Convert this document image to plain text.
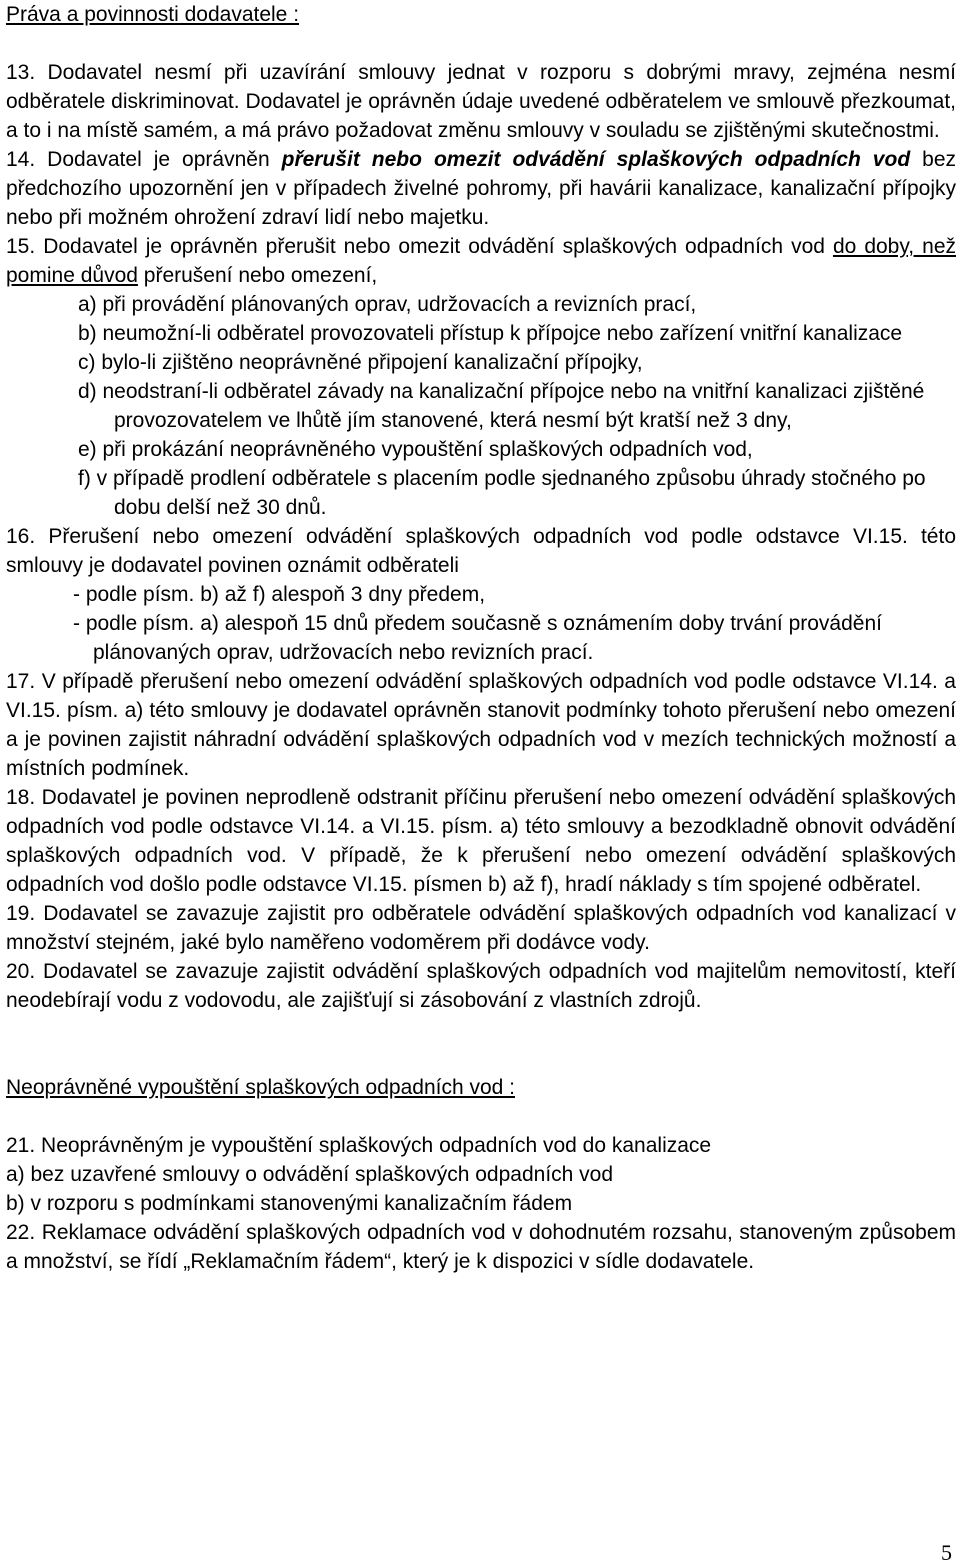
Práva a povinnosti dodavatele :

13. Dodavatel nesmí při uzavírání smlouvy jednat v rozporu s dobrými mravy, zejména nesmí odběratele diskriminovat. Dodavatel je oprávněn údaje uvedené odběratelem ve smlouvě přezkoumat, a to i na místě samém, a má právo požadovat změnu smlouvy v souladu se zjištěnými skutečnostmi.

14. Dodavatel je oprávněn přerušit nebo omezit odvádění splaškových odpadních vod bez předchozího upozornění jen v případech živelné pohromy, při havárii kanalizace, kanalizační přípojky nebo při možném ohrožení zdraví lidí nebo majetku.

15. Dodavatel je oprávněn přerušit nebo omezit odvádění splaškových odpadních vod do doby, než pomine důvod přerušení nebo omezení,

a) při provádění plánovaných oprav, udržovacích a revizních prací,

b) neumožní-li odběratel provozovateli přístup k přípojce nebo zařízení vnitřní kanalizace

c) bylo-li zjištěno neoprávněné připojení kanalizační přípojky,

d) neodstraní-li odběratel závady na kanalizační přípojce nebo na vnitřní kanalizaci zjištěné provozovatelem ve lhůtě jím stanovené, která nesmí být kratší než 3 dny,

e) při prokázání neoprávněného vypouštění splaškových odpadních vod,

f) v případě prodlení odběratele s placením podle sjednaného způsobu úhrady stočného po dobu delší než 30 dnů.

16. Přerušení nebo omezení odvádění splaškových odpadních vod podle odstavce VI.15. této smlouvy je dodavatel povinen oznámit odběrateli

- podle písm. b) až f) alespoň 3 dny předem,

- podle písm. a) alespoň 15 dnů předem současně s oznámením doby trvání provádění plánovaných oprav, udržovacích nebo revizních prací.

17. V případě přerušení nebo omezení odvádění splaškových odpadních vod podle odstavce VI.14. a VI.15. písm. a) této smlouvy je dodavatel oprávněn stanovit podmínky tohoto přerušení nebo omezení a je povinen zajistit náhradní odvádění splaškových odpadních vod v mezích technických možností a místních podmínek.

18. Dodavatel je povinen neprodleně odstranit příčinu přerušení nebo omezení odvádění splaškových odpadních vod podle odstavce VI.14. a VI.15. písm. a) této smlouvy a bezodkladně obnovit odvádění splaškových odpadních vod. V případě, že k přerušení nebo omezení odvádění splaškových odpadních vod došlo podle odstavce VI.15. písmen b) až f), hradí náklady s tím spojené odběratel.

19. Dodavatel se zavazuje zajistit pro odběratele odvádění splaškových odpadních vod kanalizací v množství stejném, jaké bylo naměřeno vodoměrem při dodávce vody.

20. Dodavatel se zavazuje zajistit odvádění splaškových odpadních vod majitelům nemovitostí, kteří neodebírají vodu z vodovodu, ale zajišťují si zásobování z vlastních zdrojů.

Neoprávněné vypouštění splaškových odpadních vod :

21. Neoprávněným je vypouštění splaškových odpadních vod do kanalizace

a) bez uzavřené smlouvy o odvádění splaškových odpadních vod

b) v rozporu s podmínkami stanovenými kanalizačním řádem

22. Reklamace odvádění splaškových odpadních vod v dohodnutém rozsahu, stanoveným způsobem a množství, se řídí „Reklamačním řádem“, který je k dispozici v sídle dodavatele.

5
